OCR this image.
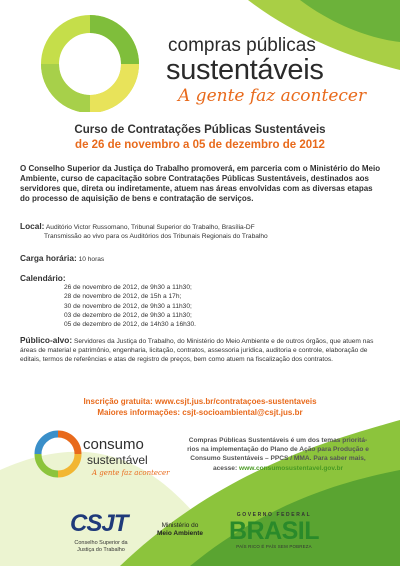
compras públicas
sustentáveis
A gente faz acontecer
Curso de Contratações Públicas Sustentáveis
de 26 de novembro a 05 de dezembro de 2012
O Conselho Superior da Justiça do Trabalho promoverá, em parceria com o Ministério do Meio Ambiente, curso de capacitação sobre Contratações Públicas Sustentáveis, destinados aos servidores que, direta ou indiretamente, atuem nas áreas envolvidas com as diversas etapas do processo de aquisição de bens e contratação de serviços.
Local: Auditório Victor Russomano, Tribunal Superior do Trabalho, Brasília-DF
Transmissão ao vivo para os Auditórios dos Tribunais Regionais do Trabalho
Carga horária: 10 horas
Calendário:
26 de novembro de 2012, de 9h30 a 11h30;
28 de novembro de 2012, de 15h a 17h;
30 de novembro de 2012, de 9h30 a 11h30;
03 de dezembro de 2012, de 9h30 a 11h30;
05 de dezembro de 2012, de 14h30 a 16h30.
Público-alvo: Servidores da Justiça do Trabalho, do Ministério do Meio Ambiente e de outros órgãos, que atuem nas áreas de material e patrimônio, engenharia, licitação, contratos, assessoria jurídica, auditoria e controle, elaboração de editais, termos de referências e atas de registro de preços, bem como atuem na fiscalização dos contratos.
Inscrição gratuita: www.csjt.jus.br/contrataçoes-sustentaveis
Maiores informações: csjt-socioambiental@csjt.jus.br
consumo
sustentável
A gente faz acontecer
Compras Públicas Sustentáveis é um dos temas prioritá-
rios na implementação do Plano de Ação para Produção e
Consumo Sustentáveis – PPCS / MMA. Para saber mais,
acesse: www.consumosustentavel.gov.br
CSJT
Conselho Superior da Justiça do Trabalho
Ministério do
Meio Ambiente
GOVERNO FEDERAL
BRASIL
PAÍS RICO É PAÍS SEM POBREZA
